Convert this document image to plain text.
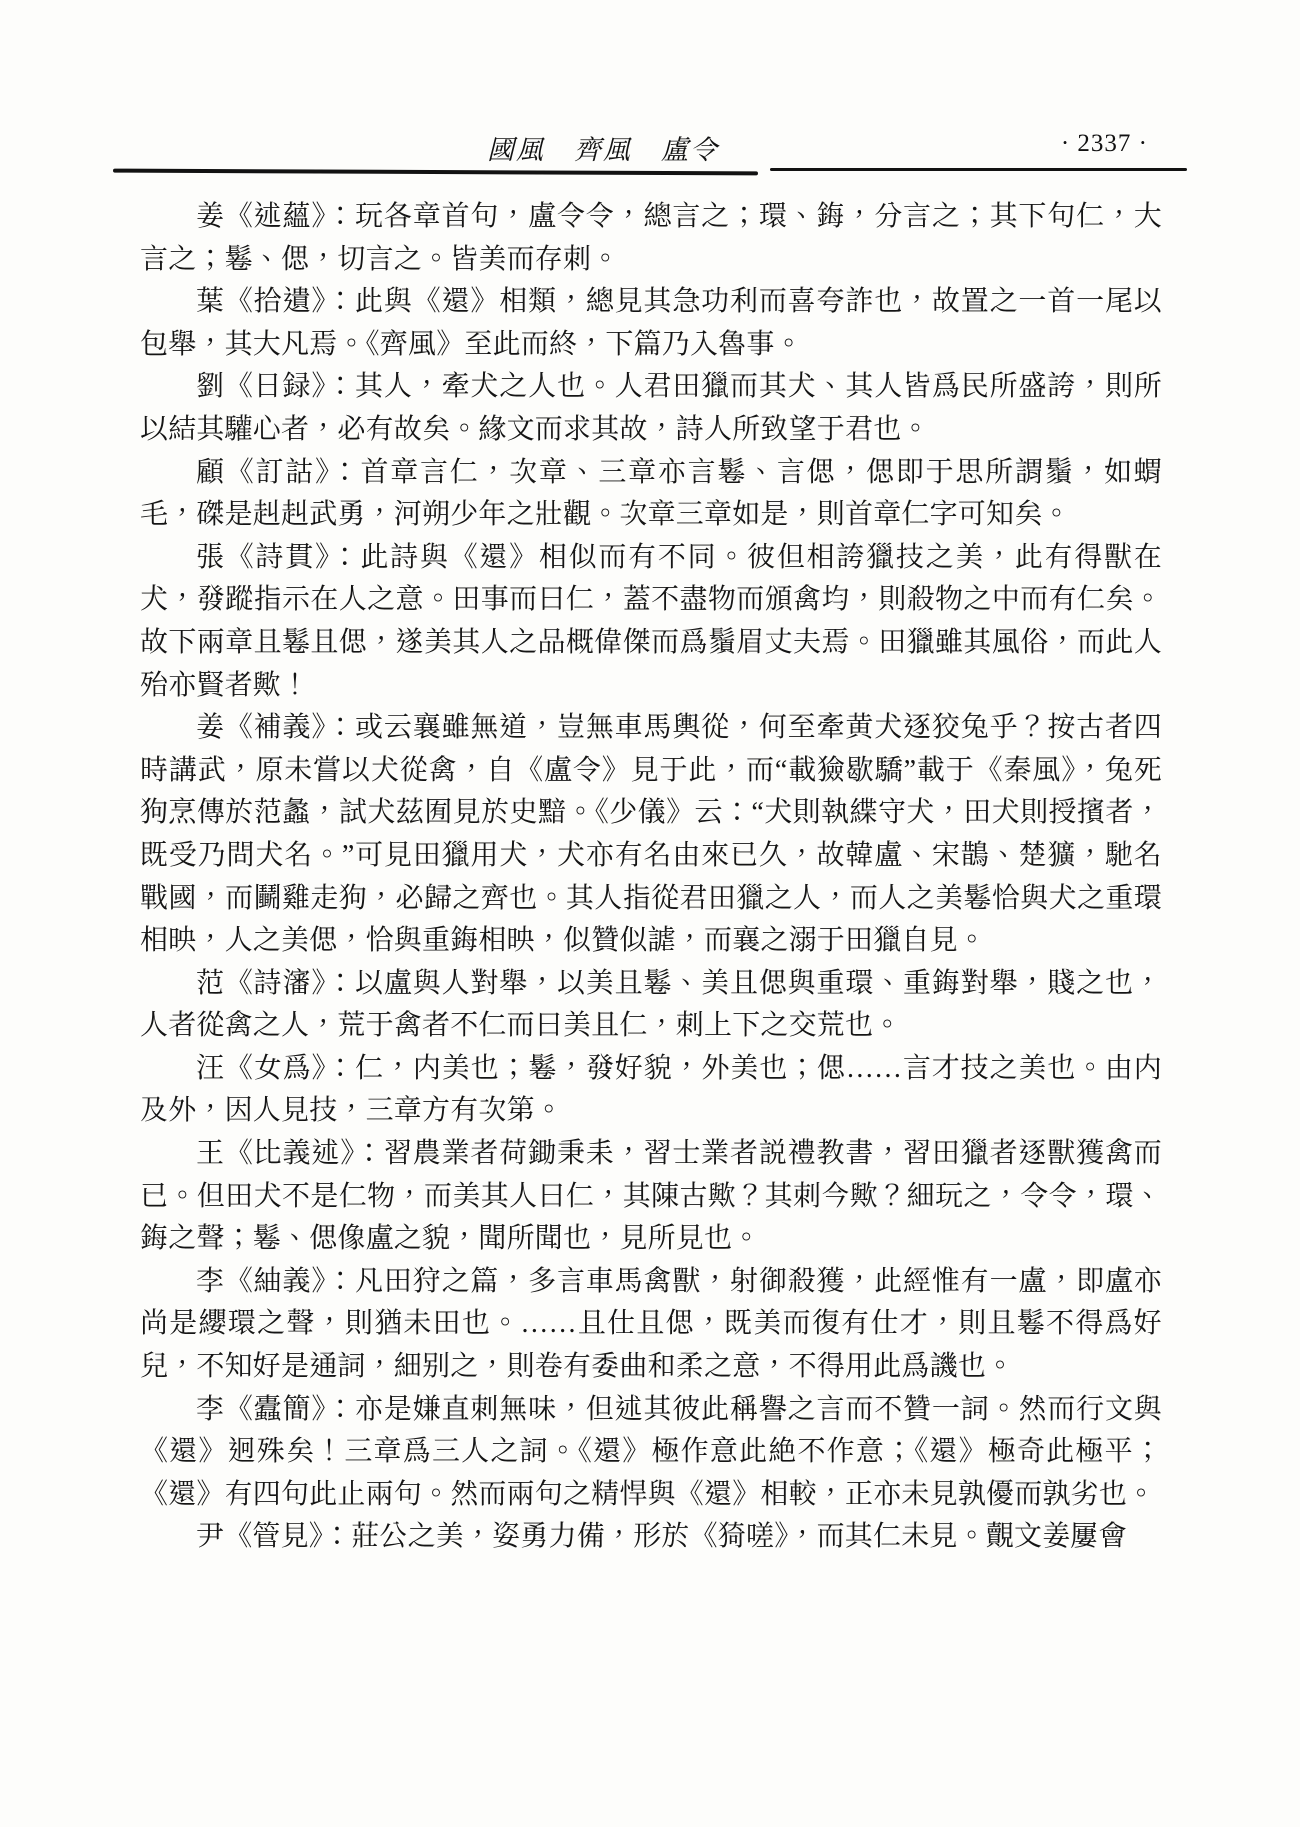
國風　齊風　盧令	· 2337 ·

姜《述蘊》：玩各章首句，盧令令，總言之；環、鋂，分言之；其下句仁，大言之；鬈、偲，切言之。皆美而存刺。

葉《拾遺》：此與《還》相類，總見其急功利而喜夸詐也，故置之一首一尾以包舉，其大凡焉。《齊風》至此而終，下篇乃入魯事。

劉《日録》：其人，牽犬之人也。人君田獵而其犬、其人皆爲民所盛誇，則所以結其驩心者，必有故矣。緣文而求其故，詩人所致望于君也。

顧《訂詁》：首章言仁，次章、三章亦言鬈、言偲，偲即于思所謂鬚，如蝟毛，磔是赳赳武勇，河朔少年之壯觀。次章三章如是，則首章仁字可知矣。

張《詩貫》：此詩與《還》相似而有不同。彼但相誇獵技之美，此有得獸在犬，發蹤指示在人之意。田事而曰仁，蓋不盡物而頒禽均，則殺物之中而有仁矣。故下兩章且鬈且偲，遂美其人之品概偉傑而爲鬚眉丈夫焉。田獵雖其風俗，而此人殆亦賢者歟！

姜《補義》：或云襄雖無道，豈無車馬輿從，何至牽黄犬逐狡兔乎？按古者四時講武，原未嘗以犬從禽，自《盧令》見于此，而“載獫歇驕”載于《秦風》，兔死狗烹傳於范蠡，試犬茲囿見於史黯。《少儀》云：“犬則執緤守犬，田犬則授擯者，既受乃問犬名。”可見田獵用犬，犬亦有名由來已久，故韓盧、宋鵲、楚獷，馳名戰國，而鬭雞走狗，必歸之齊也。其人指從君田獵之人，而人之美鬈恰與犬之重環相映，人之美偲，恰與重鋂相映，似贊似謔，而襄之溺于田獵自見。

范《詩瀋》：以盧與人對舉，以美且鬈、美且偲與重環、重鋂對舉，賤之也，人者從禽之人，荒于禽者不仁而曰美且仁，刺上下之交荒也。

汪《女爲》：仁，内美也；鬈，發好貌，外美也；偲……言才技之美也。由内及外，因人見技，三章方有次第。

王《比義述》：習農業者荷鋤秉耒，習士業者説禮教書，習田獵者逐獸獲禽而已。但田犬不是仁物，而美其人曰仁，其陳古歟？其刺今歟？細玩之，令令，環、鋂之聲；鬈、偲像盧之貌，聞所聞也，見所見也。

李《紬義》：凡田狩之篇，多言車馬禽獸，射御殺獲，此經惟有一盧，即盧亦尚是纓環之聲，則猶未田也。……且仕且偲，既美而復有仕才，則且鬈不得爲好兒，不知好是通詞，細别之，則卷有委曲和柔之意，不得用此爲譏也。

李《蠹簡》：亦是嫌直刺無味，但述其彼此稱譽之言而不贊一詞。然而行文與《還》迥殊矣！三章爲三人之詞。《還》極作意此絶不作意；《還》極奇此極平；《還》有四句此止兩句。然而兩句之精悍與《還》相較，正亦未見孰優而孰劣也。

尹《管見》：莊公之美，姿勇力備，形於《猗嗟》，而其仁未見。覿文姜屢會
